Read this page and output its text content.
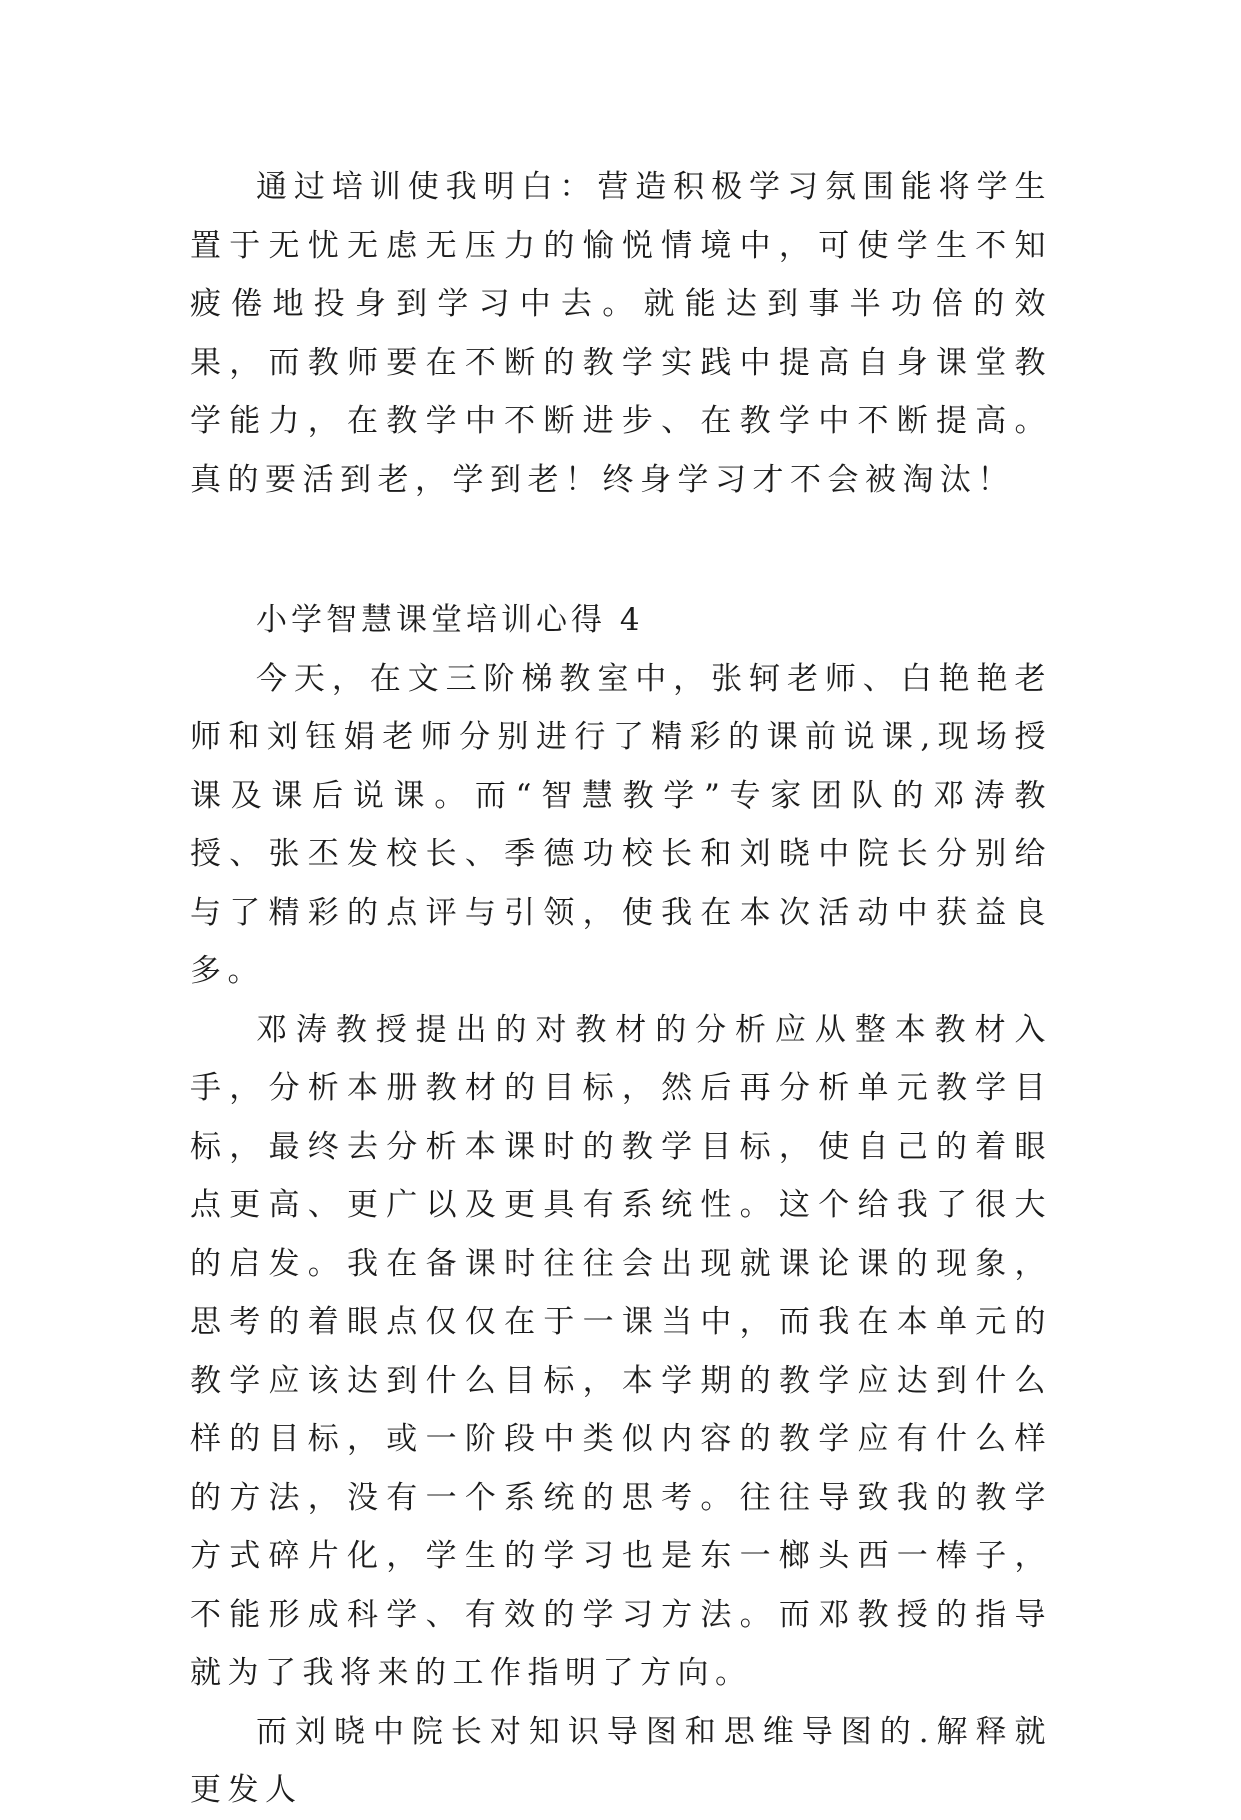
通过培训使我明白：营造积极学习氛围能将学生置于无忧无虑无压力的愉悦情境中，可使学生不知疲倦地投身到学习中去。就能达到事半功倍的效果，而教师要在不断的教学实践中提高自身课堂教学能力，在教学中不断进步、在教学中不断提高。真的要活到老，学到老！终身学习才不会被淘汰！

小学智慧课堂培训心得 4

今天，在文三阶梯教室中，张轲老师、白艳艳老师和刘钰娟老师分别进行了精彩的课前说课,现场授课及课后说课。而“智慧教学”专家团队的邓涛教授、张丕发校长、季德功校长和刘晓中院长分别给与了精彩的点评与引领，使我在本次活动中获益良多。

邓涛教授提出的对教材的分析应从整本教材入手，分析本册教材的目标，然后再分析单元教学目标，最终去分析本课时的教学目标，使自己的着眼点更高、更广以及更具有系统性。这个给我了很大的启发。我在备课时往往会出现就课论课的现象，思考的着眼点仅仅在于一课当中，而我在本单元的教学应该达到什么目标，本学期的教学应达到什么样的目标，或一阶段中类似内容的教学应有什么样的方法，没有一个系统的思考。往往导致我的教学方式碎片化，学生的学习也是东一榔头西一棒子，不能形成科学、有效的学习方法。而邓教授的指导就为了我将来的工作指明了方向。

而刘晓中院长对知识导图和思维导图的.解释就更发人
